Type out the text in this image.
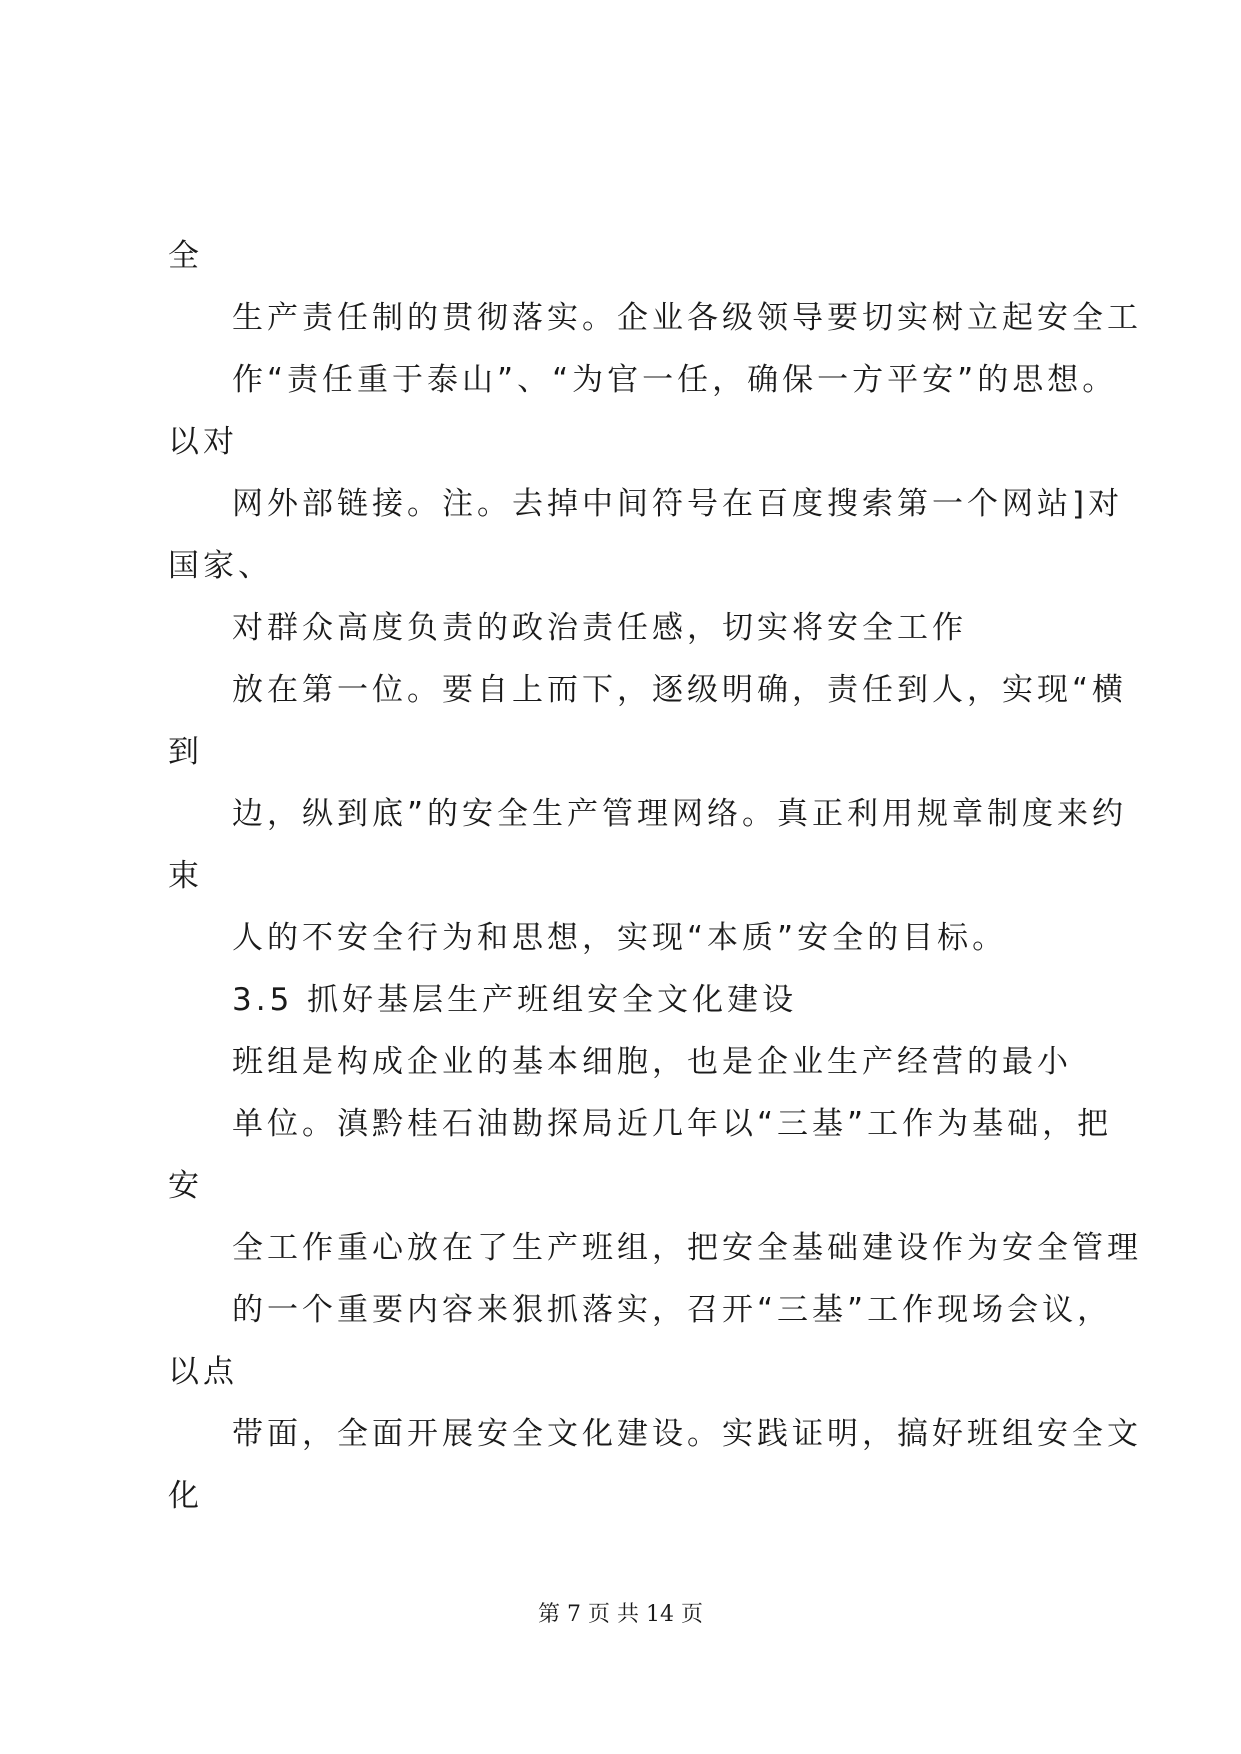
全
生产责任制的贯彻落实。企业各级领导要切实树立起安全工
作“责任重于泰山”、“为官一任，确保一方平安”的思想。
以对
网外部链接。注。去掉中间符号在百度搜索第一个网站]对
国家、
对群众高度负责的政治责任感，切实将安全工作
放在第一位。要自上而下，逐级明确，责任到人，实现“横
到
边，纵到底”的安全生产管理网络。真正利用规章制度来约
束
人的不安全行为和思想，实现“本质”安全的目标。
3.5 抓好基层生产班组安全文化建设
班组是构成企业的基本细胞，也是企业生产经营的最小
单位。滇黔桂石油勘探局近几年以“三基”工作为基础，把
安
全工作重心放在了生产班组，把安全基础建设作为安全管理
的一个重要内容来狠抓落实，召开“三基”工作现场会议，
以点
带面，全面开展安全文化建设。实践证明，搞好班组安全文
化
第 7 页 共 14 页
